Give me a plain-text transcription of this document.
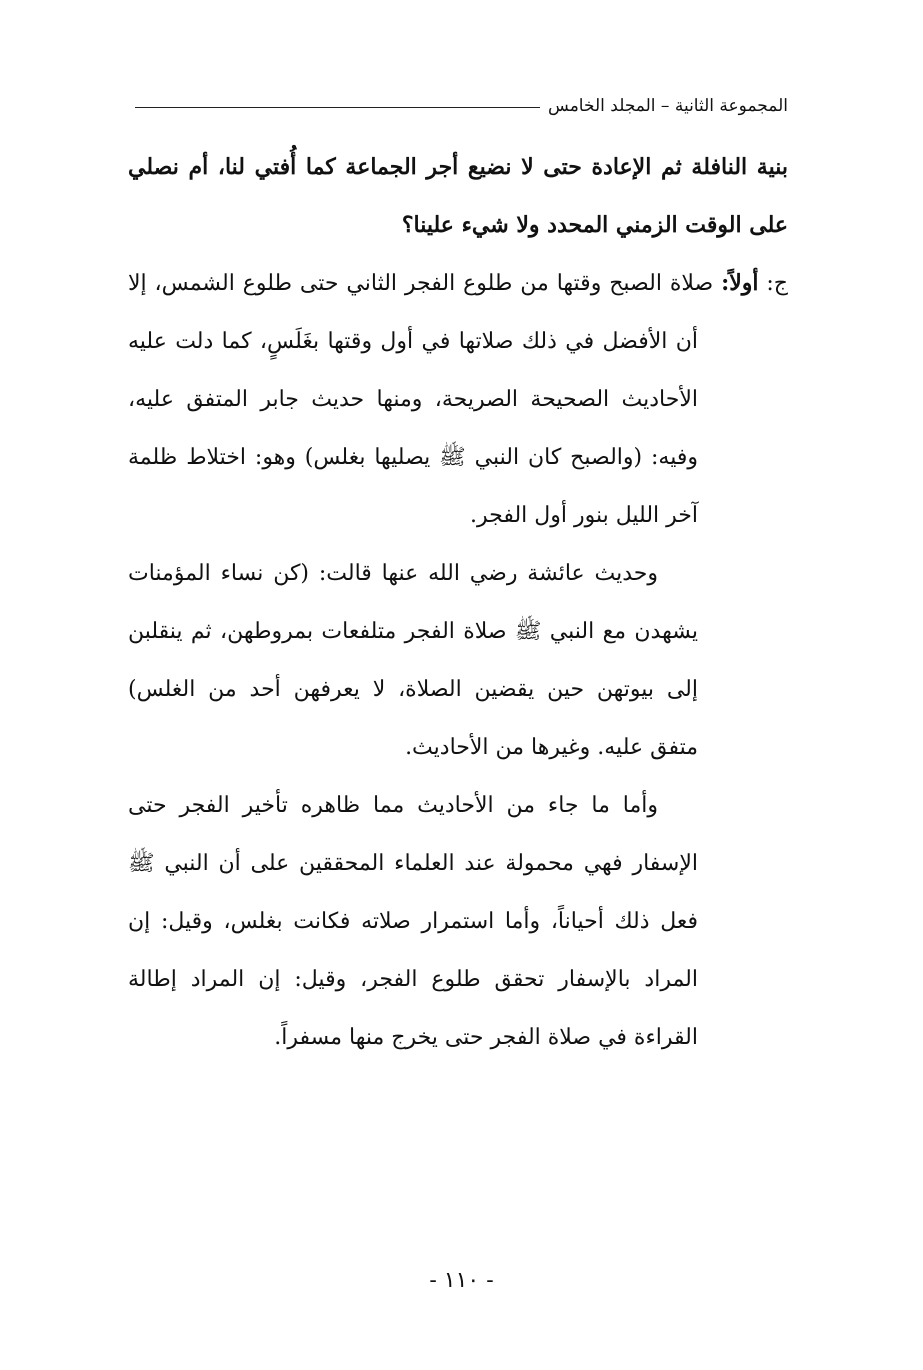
المجموعة الثانية – المجلد الخامس

بنية النافلة ثم الإعادة حتى لا نضيع أجر الجماعة كما أُفتي لنا، أم نصلي على الوقت الزمني المحدد ولا شيء علينا؟

ج: أولاً: صلاة الصبح وقتها من طلوع الفجر الثاني حتى طلوع الشمس، إلا أن الأفضل في ذلك صلاتها في أول وقتها بغَلَسٍ، كما دلت عليه الأحاديث الصحيحة الصريحة، ومنها حديث جابر المتفق عليه، وفيه: (والصبح كان النبي ﷺ يصليها بغلس) وهو: اختلاط ظلمة آخر الليل بنور أول الفجر.

وحديث عائشة رضي الله عنها قالت: (كن نساء المؤمنات يشهدن مع النبي ﷺ صلاة الفجر متلفعات بمروطهن، ثم ينقلبن إلى بيوتهن حين يقضين الصلاة، لا يعرفهن أحد من الغلس) متفق عليه. وغيرها من الأحاديث.

وأما ما جاء من الأحاديث مما ظاهره تأخير الفجر حتى الإسفار فهي محمولة عند العلماء المحققين على أن النبي ﷺ فعل ذلك أحياناً، وأما استمرار صلاته فكانت بغلس، وقيل: إن المراد بالإسفار تحقق طلوع الفجر، وقيل: إن المراد إطالة القراءة في صلاة الفجر حتى يخرج منها مسفراً.

- ١١٠ -
